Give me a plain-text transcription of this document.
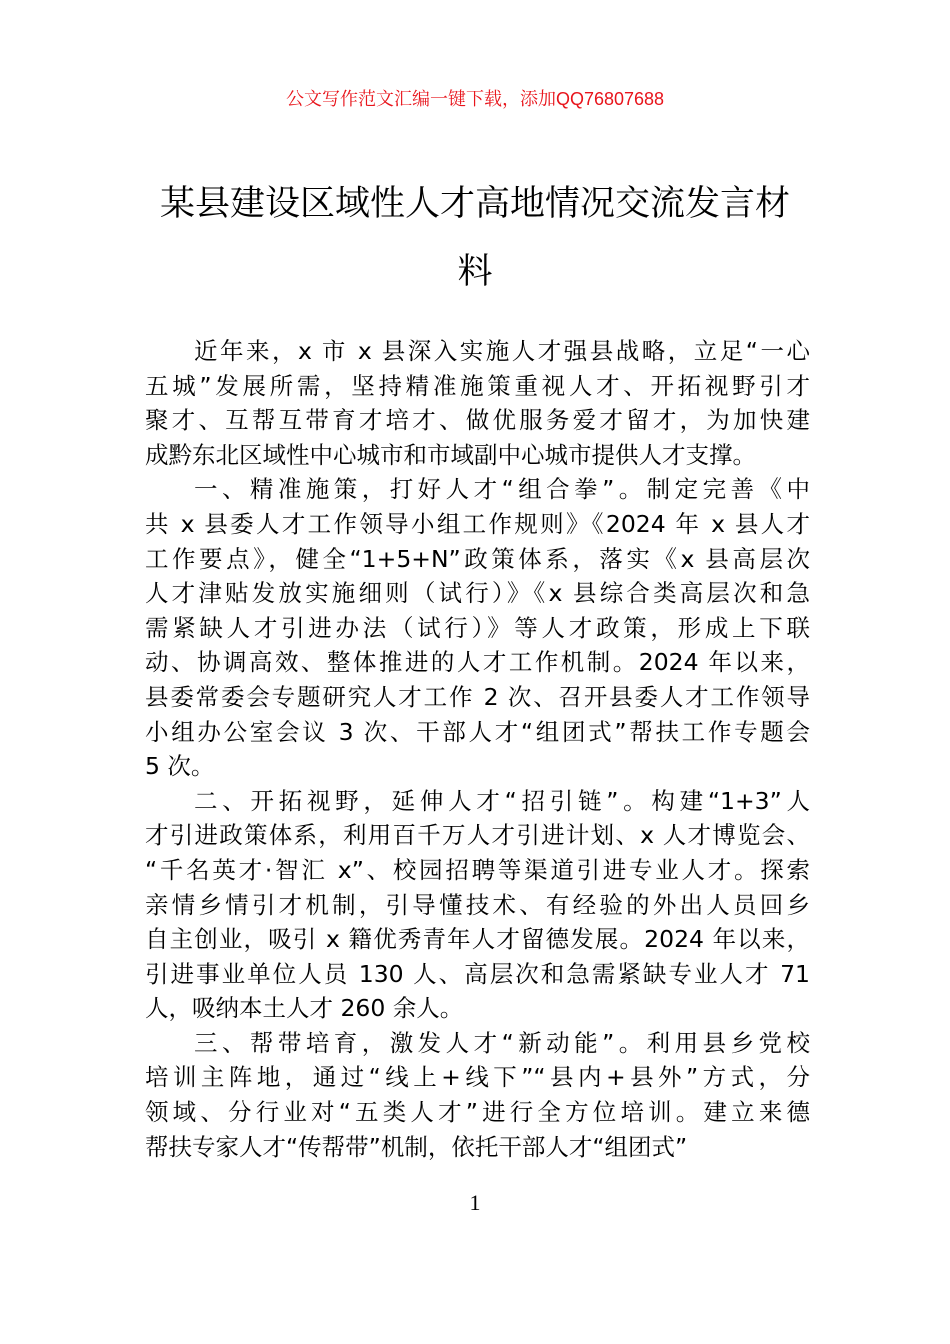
公文写作范文汇编一键下载，添加QQ76807688
某县建设区域性人才高地情况交流发言材
料
近年来，x 市 x 县深入实施人才强县战略，立足“一心
五城”发展所需，坚持精准施策重视人才、开拓视野引才
聚才、互帮互带育才培才、做优服务爱才留才，为加快建
成黔东北区域性中心城市和市域副中心城市提供人才支撑。
一、精准施策，打好人才“组合拳”。制定完善《中
共 x 县委人才工作领导小组工作规则》《2024 年 x 县人才
工作要点》，健全“1+5+N”政策体系，落实《x 县高层次
人才津贴发放实施细则（试行）》《x 县综合类高层次和急
需紧缺人才引进办法（试行）》等人才政策，形成上下联
动、协调高效、整体推进的人才工作机制。2024 年以来，
县委常委会专题研究人才工作 2 次、召开县委人才工作领导
小组办公室会议 3 次、干部人才“组团式”帮扶工作专题会
5 次。
二、开拓视野，延伸人才“招引链”。构建“1+3”人
才引进政策体系，利用百千万人才引进计划、x 人才博览会、
“千名英才·智汇 x”、校园招聘等渠道引进专业人才。探索
亲情乡情引才机制，引导懂技术、有经验的外出人员回乡
自主创业，吸引 x 籍优秀青年人才留德发展。2024 年以来，
引进事业单位人员 130 人、高层次和急需紧缺专业人才 71
人，吸纳本土人才 260 余人。
三、帮带培育，激发人才“新动能”。利用县乡党校
培训主阵地，通过“线上+线下”“县内+县外”方式，分
领域、分行业对“五类人才”进行全方位培训。建立来德
帮扶专家人才“传帮带”机制，依托干部人才“组团式”
1
